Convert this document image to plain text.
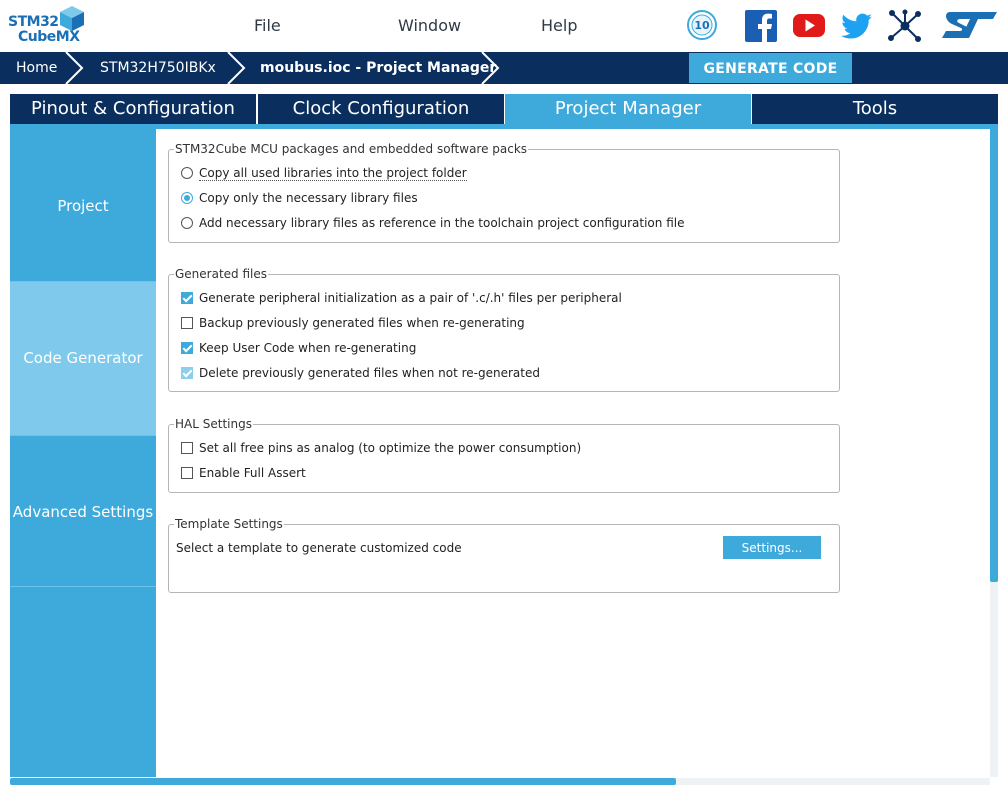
STM32
CubeMX
File	Window	Help	10
Home	STM32H750IBKx	moubus.ioc - Project Manager	GENERATE CODE
Pinout & Configuration	Clock Configuration	Project Manager	Tools
Project
Code Generator
Advanced Settings
STM32Cube MCU packages and embedded software packs
Copy all used libraries into the project folder
Copy only the necessary library files
Add necessary library files as reference in the toolchain project configuration file
Generated files
Generate peripheral initialization as a pair of '.c/.h' files per peripheral
Backup previously generated files when re-generating
Keep User Code when re-generating
Delete previously generated files when not re-generated
HAL Settings
Set all free pins as analog (to optimize the power consumption)
Enable Full Assert
Template Settings
Select a template to generate customized code	Settings...
